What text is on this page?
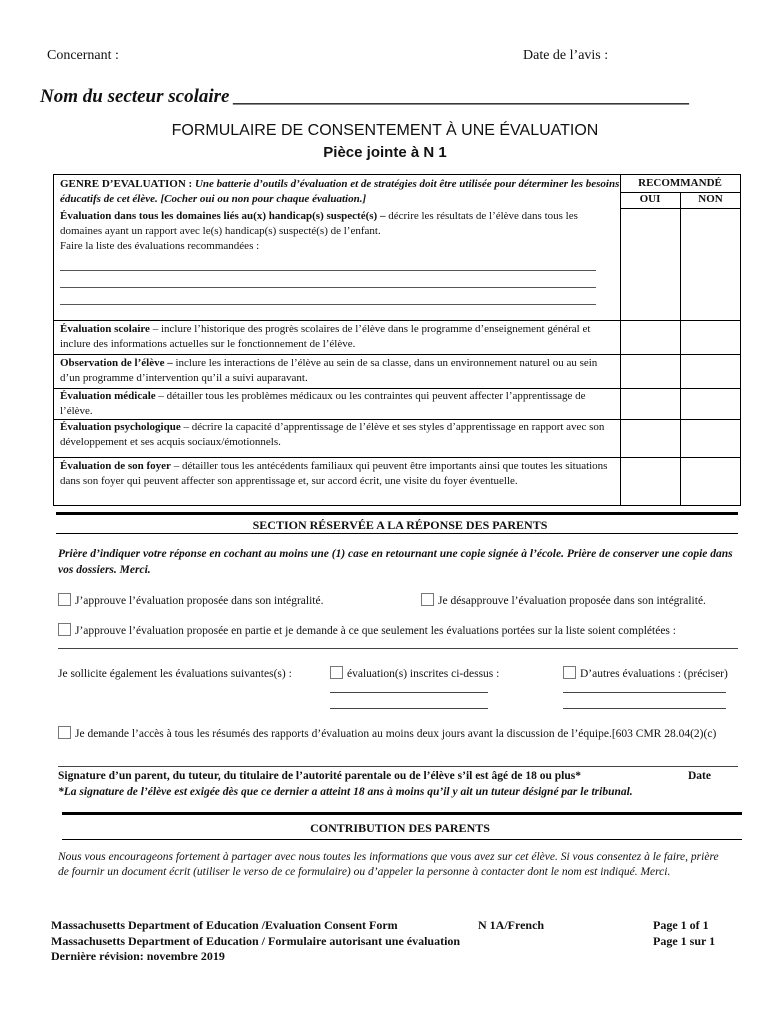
Concernant :	Date de l’avis :
Nom du secteur scolaire ________________________________________________
FORMULAIRE DE CONSENTEMENT À UNE ÉVALUATION
Pièce jointe à N 1
GENRE D’EVALUATION : Une batterie d’outils d’évaluation et de stratégies doit être utilisée pour déterminer les besoins éducatifs de cet élève. [Cocher oui ou non pour chaque évaluation.]
RECOMMANDÉ
OUI	NON
Évaluation dans tous les domaines liés au(x) handicap(s) suspecté(s) – décrire les résultats de l’élève dans tous les domaines ayant un rapport avec le(s) handicap(s) suspecté(s) de l’enfant.
Faire la liste des évaluations recommandées :
Évaluation scolaire – inclure l’historique des progrès scolaires de l’élève dans le programme d’enseignement général et inclure des informations actuelles sur le fonctionnement de l’élève.
Observation de l’élève – inclure les interactions de l’élève au sein de sa classe, dans un environnement naturel ou au sein d’un programme d’intervention qu’il a suivi auparavant.
Évaluation médicale – détailler tous les problèmes médicaux ou les contraintes qui peuvent affecter l’apprentissage de l’élève.
Évaluation psychologique – décrire la capacité d’apprentissage de l’élève et ses styles d’apprentissage en rapport avec son développement et ses acquis sociaux/émotionnels.
Évaluation de son foyer – détailler tous les antécédents familiaux qui peuvent être importants ainsi que toutes les situations dans son foyer qui peuvent affecter son apprentissage et, sur accord écrit, une visite du foyer éventuelle.
SECTION RÉSERVÉE A LA RÉPONSE DES PARENTS
Prière d’indiquer votre réponse en cochant au moins une (1) case en retournant une copie signée à l’école. Prière de conserver une copie dans vos dossiers. Merci.
J’approuve l’évaluation proposée dans son intégralité.	Je désapprouve l’évaluation proposée dans son intégralité.
J’approuve l’évaluation proposée en partie et je demande à ce que seulement les évaluations portées sur la liste soient complétées :
Je sollicite également les évaluations suivantes(s) :	évaluation(s) inscrites ci-dessus :	D’autres évaluations : (préciser)
Je demande l’accès à tous les résumés des rapports d’évaluation au moins deux jours avant la discussion de l’équipe.[603 CMR 28.04(2)(c)
Signature d’un parent, du tuteur, du titulaire de l’autorité parentale ou de l’élève s’il est âgé de 18 ou plus*	Date
*La signature de l’élève est exigée dès que ce dernier a atteint 18 ans à moins qu’il y ait un tuteur désigné par le tribunal.
CONTRIBUTION DES PARENTS
Nous vous encourageons fortement à partager avec nous toutes les informations que vous avez sur cet élève. Si vous consentez à le faire, prière de fournir un document écrit (utiliser le verso de ce formulaire) ou d’appeler la personne à contacter dont le nom est indiqué. Merci.
Massachusetts Department of Education /Evaluation Consent Form	N 1A/French	Page 1 of 1
Massachusetts Department of Education / Formulaire autorisant une évaluation	Page 1 sur 1
Dernière révision: novembre 2019
